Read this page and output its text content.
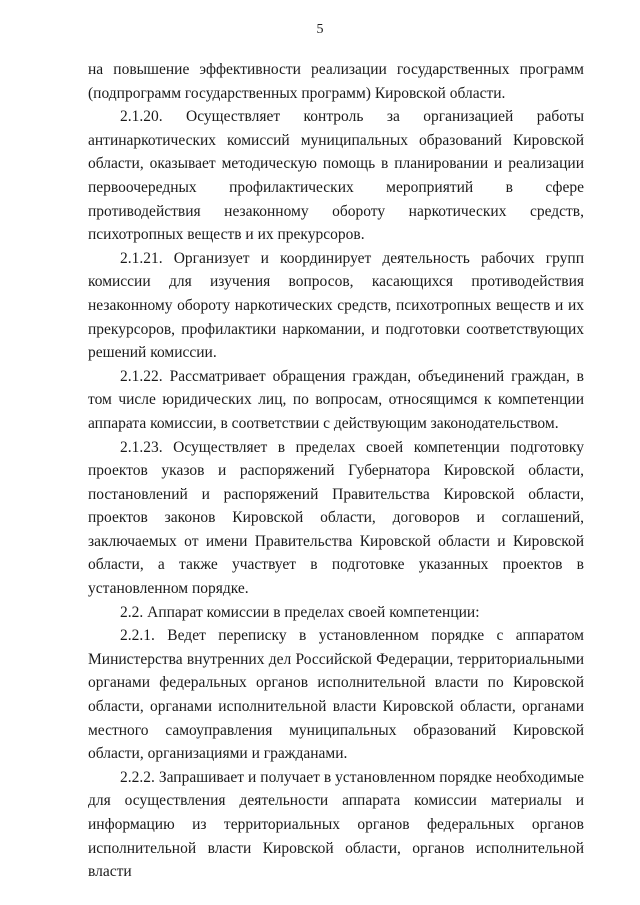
5

на повышение эффективности реализации государственных программ (подпрограмм государственных программ) Кировской области.

2.1.20. Осуществляет контроль за организацией работы антинаркотических комиссий муниципальных образований Кировской области, оказывает методическую помощь в планировании и реализации первоочередных профилактических мероприятий в сфере противодействия незаконному обороту наркотических средств, психотропных веществ и их прекурсоров.

2.1.21. Организует и координирует деятельность рабочих групп комиссии для изучения вопросов, касающихся противодействия незаконному обороту наркотических средств, психотропных веществ и их прекурсоров, профилактики наркомании, и подготовки соответствующих решений комиссии.

2.1.22. Рассматривает обращения граждан, объединений граждан, в том числе юридических лиц, по вопросам, относящимся к компетенции аппарата комиссии, в соответствии с действующим законодательством.

2.1.23. Осуществляет в пределах своей компетенции подготовку проектов указов и распоряжений Губернатора Кировской области, постановлений и распоряжений Правительства Кировской области, проектов законов Кировской области, договоров и соглашений, заключаемых от имени Правительства Кировской области и Кировской области, а также участвует в подготовке указанных проектов в установленном порядке.

2.2. Аппарат комиссии в пределах своей компетенции:

2.2.1. Ведет переписку в установленном порядке с аппаратом Министерства внутренних дел Российской Федерации, территориальными органами федеральных органов исполнительной власти по Кировской области, органами исполнительной власти Кировской области, органами местного самоуправления муниципальных образований Кировской области, организациями и гражданами.

2.2.2. Запрашивает и получает в установленном порядке необходимые для осуществления деятельности аппарата комиссии материалы и информацию из территориальных органов федеральных органов исполнительной власти Кировской области, органов исполнительной власти
